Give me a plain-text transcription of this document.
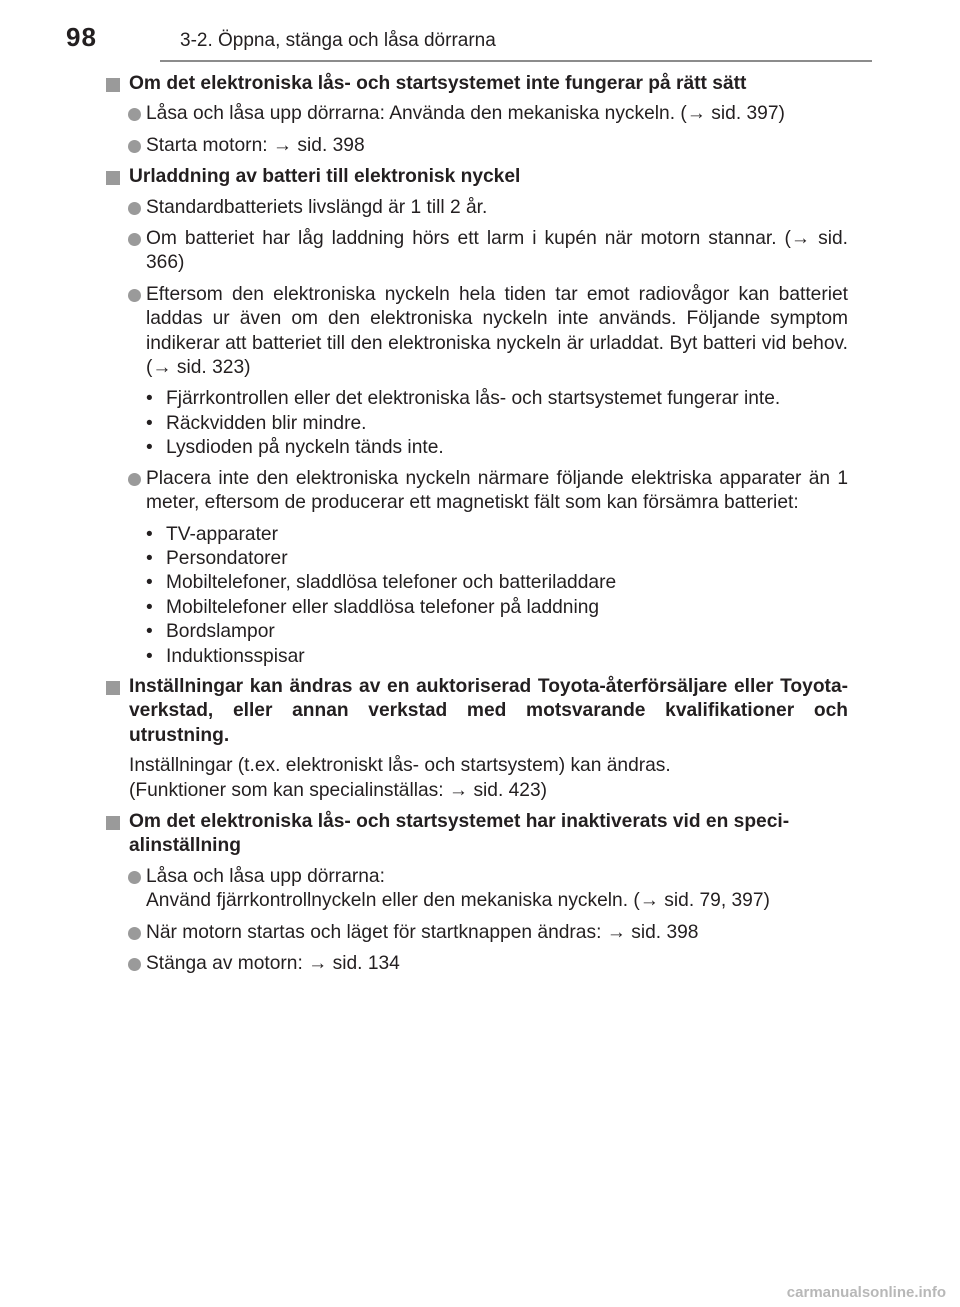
98	3-2. Öppna, stänga och låsa dörrarna
Om det elektroniska lås- och startsystemet inte fungerar på rätt sätt
Låsa och låsa upp dörrarna: Använda den mekaniska nyckeln. (→ sid. 397)
Starta motorn: → sid. 398
Urladdning av batteri till elektronisk nyckel
Standardbatteriets livslängd är 1 till 2 år.
Om batteriet har låg laddning hörs ett larm i kupén när motorn stannar. (→ sid. 366)
Eftersom den elektroniska nyckeln hela tiden tar emot radiovågor kan batteriet laddas ur även om den elektroniska nyckeln inte används. Följande symptom indikerar att batteriet till den elektroniska nyckeln är urladdat. Byt batteri vid behov. (→ sid. 323)
• Fjärrkontrollen eller det elektroniska lås- och startsystemet fungerar inte.
• Räckvidden blir mindre.
• Lysdioden på nyckeln tänds inte.
Placera inte den elektroniska nyckeln närmare följande elektriska apparater än 1 meter, eftersom de producerar ett magnetiskt fält som kan försämra batteriet:
• TV-apparater
• Persondatorer
• Mobiltelefoner, sladdlösa telefoner och batteriladdare
• Mobiltelefoner eller sladdlösa telefoner på laddning
• Bordslampor
• Induktionsspisar
Inställningar kan ändras av en auktoriserad Toyota-återförsäljare eller Toyota-verkstad, eller annan verkstad med motsvarande kvalifikationer och utrustning.
Inställningar (t.ex. elektroniskt lås- och startsystem) kan ändras.
(Funktioner som kan specialinställas: → sid. 423)
Om det elektroniska lås- och startsystemet har inaktiverats vid en speci-
alinställning
Låsa och låsa upp dörrarna:
Använd fjärrkontrollnyckeln eller den mekaniska nyckeln. (→ sid. 79, 397)
När motorn startas och läget för startknappen ändras: → sid. 398
Stänga av motorn: → sid. 134
carmanualsonline.info
